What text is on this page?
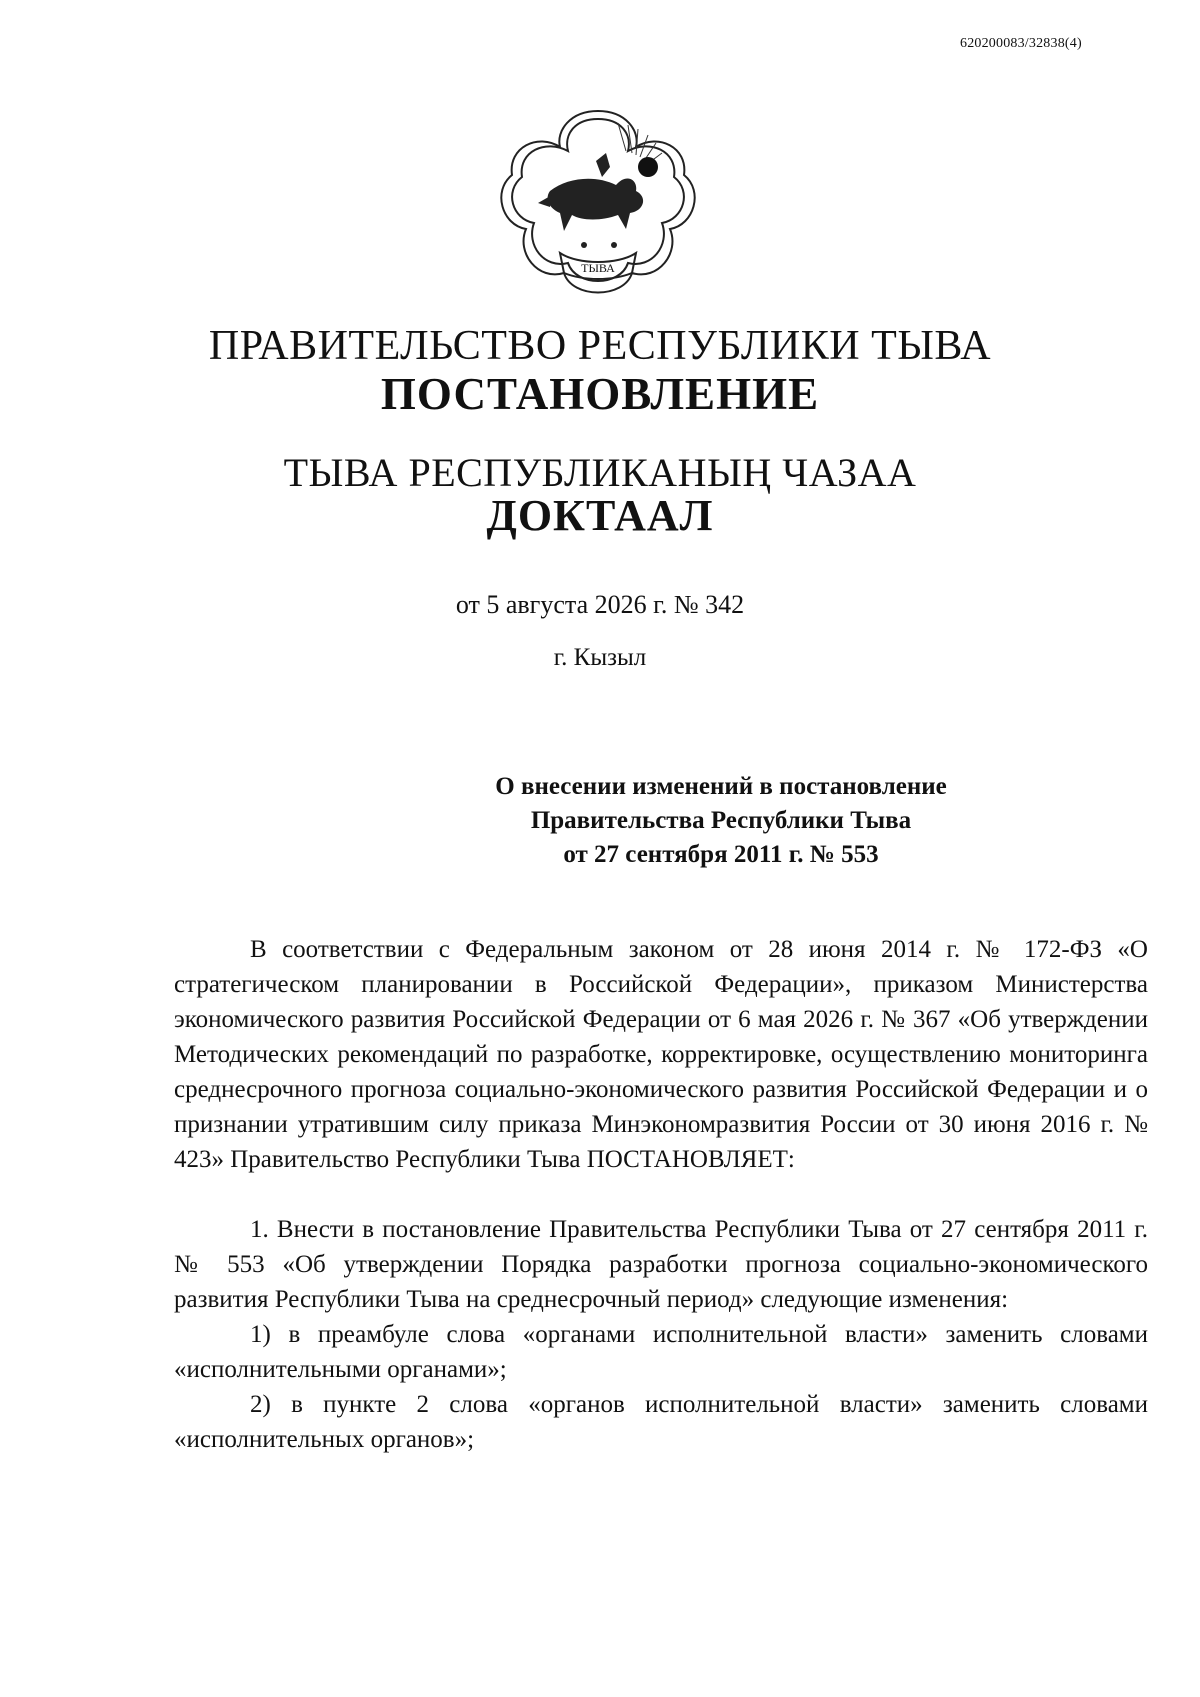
620200083/32838(4)
ТЫВА
ПРАВИТЕЛЬСТВО РЕСПУБЛИКИ ТЫВА
ПОСТАНОВЛЕНИЕ
ТЫВА РЕСПУБЛИКАНЫҢ ЧАЗАА
ДОКТААЛ
от 5 августа 2026 г. № 342
г. Кызыл
О внесении изменений в постановление
Правительства Республики Тыва
от 27 сентября 2011 г. № 553

В соответствии с Федеральным законом от 28 июня 2014 г. № 172-ФЗ «О стратегическом планировании в Российской Федерации», приказом Министерства экономического развития Российской Федерации от 6 мая 2026 г. № 367 «Об утверждении Методических рекомендаций по разработке, корректировке, осуществлению мониторинга среднесрочного прогноза социально-экономического развития Российской Федерации и о признании утратившим силу приказа Минэкономразвития России от 30 июня 2016 г. № 423» Правительство Республики Тыва ПОСТАНОВЛЯЕТ:

1. Внести в постановление Правительства Республики Тыва от 27 сентября 2011 г. № 553 «Об утверждении Порядка разработки прогноза социально-экономического развития Республики Тыва на среднесрочный период» следующие изменения:

1) в преамбуле слова «органами исполнительной власти» заменить словами «исполнительными органами»;

2) в пункте 2 слова «органов исполнительной власти» заменить словами «исполнительных органов»;
